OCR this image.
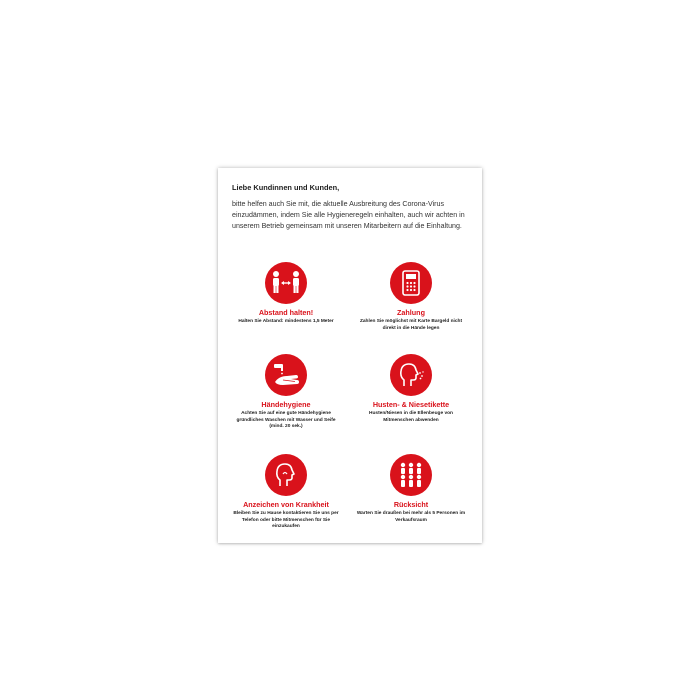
Liebe Kundinnen und Kunden,

bitte helfen auch Sie mit, die aktuelle Ausbreitung des Corona-Virus einzudämmen, indem Sie alle Hygieneregeln einhalten, auch wir achten in unserem Betrieb gemeinsam mit unseren Mitarbeitern auf die Einhaltung.

Abstand halten!
Halten Sie Abstand: mindestens 1,5 Meter
Zahlung
Zahlen Sie möglichst mit Karte Bargeld nicht direkt in die Hände legen
Händehygiene
Achten Sie auf eine gute Händehygiene gründliches Waschen mit Wasser und Seife (mind. 20 sek.)
Husten- & Niesetikette
Husten/Niesen in die Ellenbeuge von Mitmenschen abwenden
Anzeichen von Krankheit
Bleiben Sie zu Hause kontaktieren Sie uns per Telefon oder bitte Mitmenschen für Sie einzukaufen
Rücksicht
Warten Sie draußen bei mehr als 5 Personen im Verkaufsraum
